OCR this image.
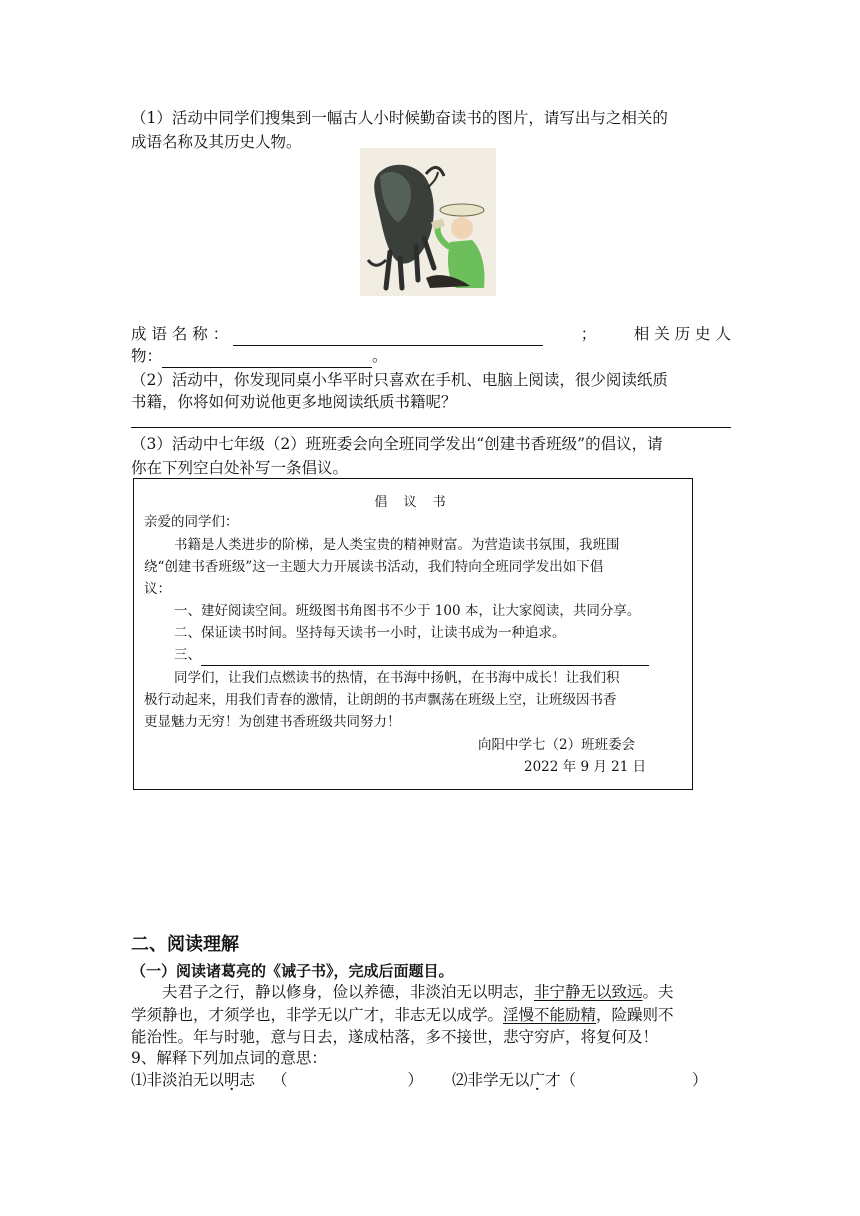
（1）活动中同学们搜集到一幅古人小时候勤奋读书的图片，请写出与之相关的
成语名称及其历史人物。
成 语 名 称 ：	； 相 关 历 史 人
物：	。
（2）活动中，你发现同桌小华平时只喜欢在手机、电脑上阅读，很少阅读纸质
书籍，你将如何劝说他更多地阅读纸质书籍呢？
（3）活动中七年级（2）班班委会向全班同学发出“创建书香班级”的倡议，请
你在下列空白处补写一条倡议。
倡 议 书
亲爱的同学们：
书籍是人类进步的阶梯，是人类宝贵的精神财富。为营造读书氛围，我班围
绕“创建书香班级”这一主题大力开展读书活动，我们特向全班同学发出如下倡
议：
一、建好阅读空间。班级图书角图书不少于 100 本，让大家阅读，共同分享。
二、保证读书时间。坚持每天读书一小时，让读书成为一种追求。
三、
同学们，让我们点燃读书的热情，在书海中扬帆，在书海中成长！让我们积
极行动起来，用我们青春的激情，让朗朗的书声飘荡在班级上空，让班级因书香
更显魅力无穷！为创建书香班级共同努力！
向阳中学七（2）班班委会
2022 年 9 月 21 日
二、阅读理解
（一）阅读诸葛亮的《诫子书》，完成后面题目。
夫君子之行，静以修身，俭以养德，非淡泊无以明志，非宁静无以致远。夫
学须静也，才须学也，非学无以广才，非志无以成学。淫慢不能励精，险躁则不
能治性。年与时驰，意与日去，遂成枯落，多不接世，悲守穷庐，将复何及！
9、解释下列加点词的意思：
⑴非淡泊无以明志 （	） ⑵非学无以广才（	）
